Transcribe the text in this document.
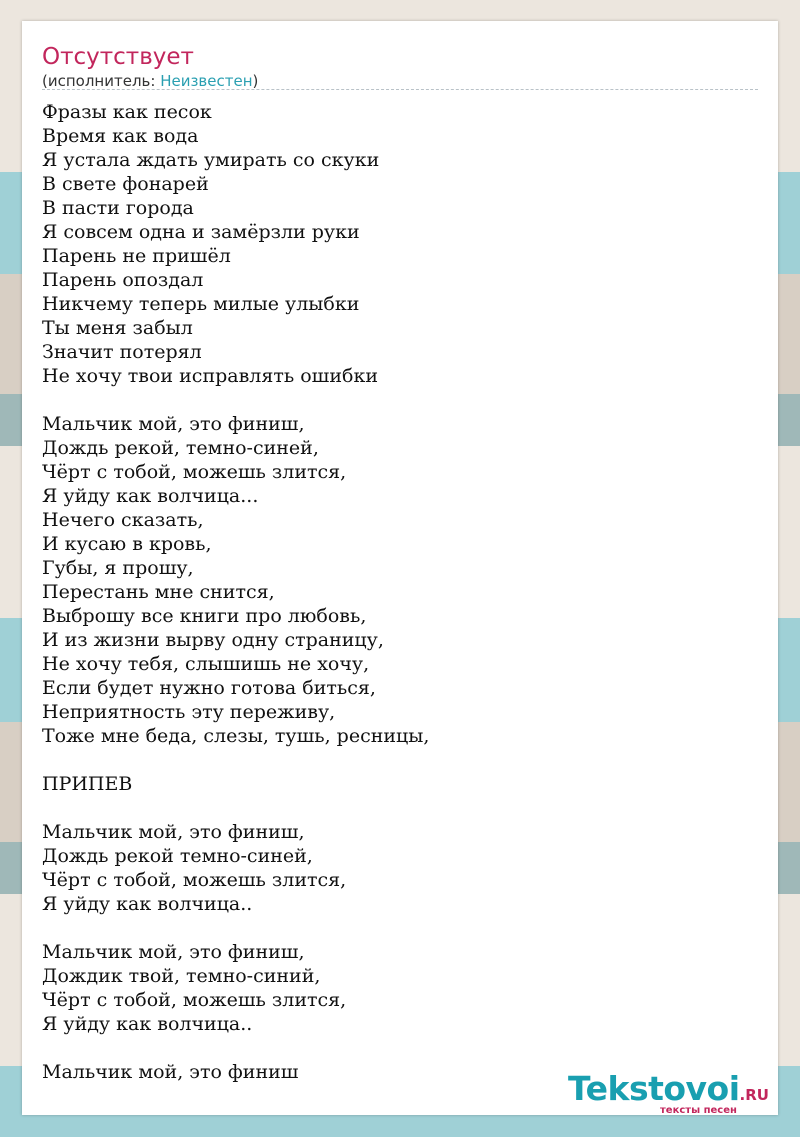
Отсутствует
(исполнитель: Неизвестен)
Фразы как песок
Время как вода
Я устала ждать умирать со скуки
В свете фонарей
В пасти города
Я совсем одна и замёрзли руки
Парень не пришёл
Парень опоздал
Никчему теперь милые улыбки
Ты меня забыл
Значит потерял
Не хочу твои исправлять ошибки
Мальчик мой, это финиш,
Дождь рекой, темно-синей,
Чёрт с тобой, можешь злится,
Я уйду как волчица...
Нечего сказать,
И кусаю в кровь,
Губы, я прошу,
Перестань мне снится,
Выброшу все книги про любовь,
И из жизни вырву одну страницу,
Не хочу тебя, слышишь не хочу,
Если будет нужно готова биться,
Неприятность эту переживу,
Тоже мне беда, слезы, тушь, ресницы,
ПРИПЕВ
Мальчик мой, это финиш,
Дождь рекой темно-синей,
Чёрт с тобой, можешь злится,
Я уйду как волчица..
Мальчик мой, это финиш,
Дождик твой, темно-синий,
Чёрт с тобой, можешь злится,
Я уйду как волчица..
Мальчик мой, это финиш	Tekstovoi.RU
тексты песен
